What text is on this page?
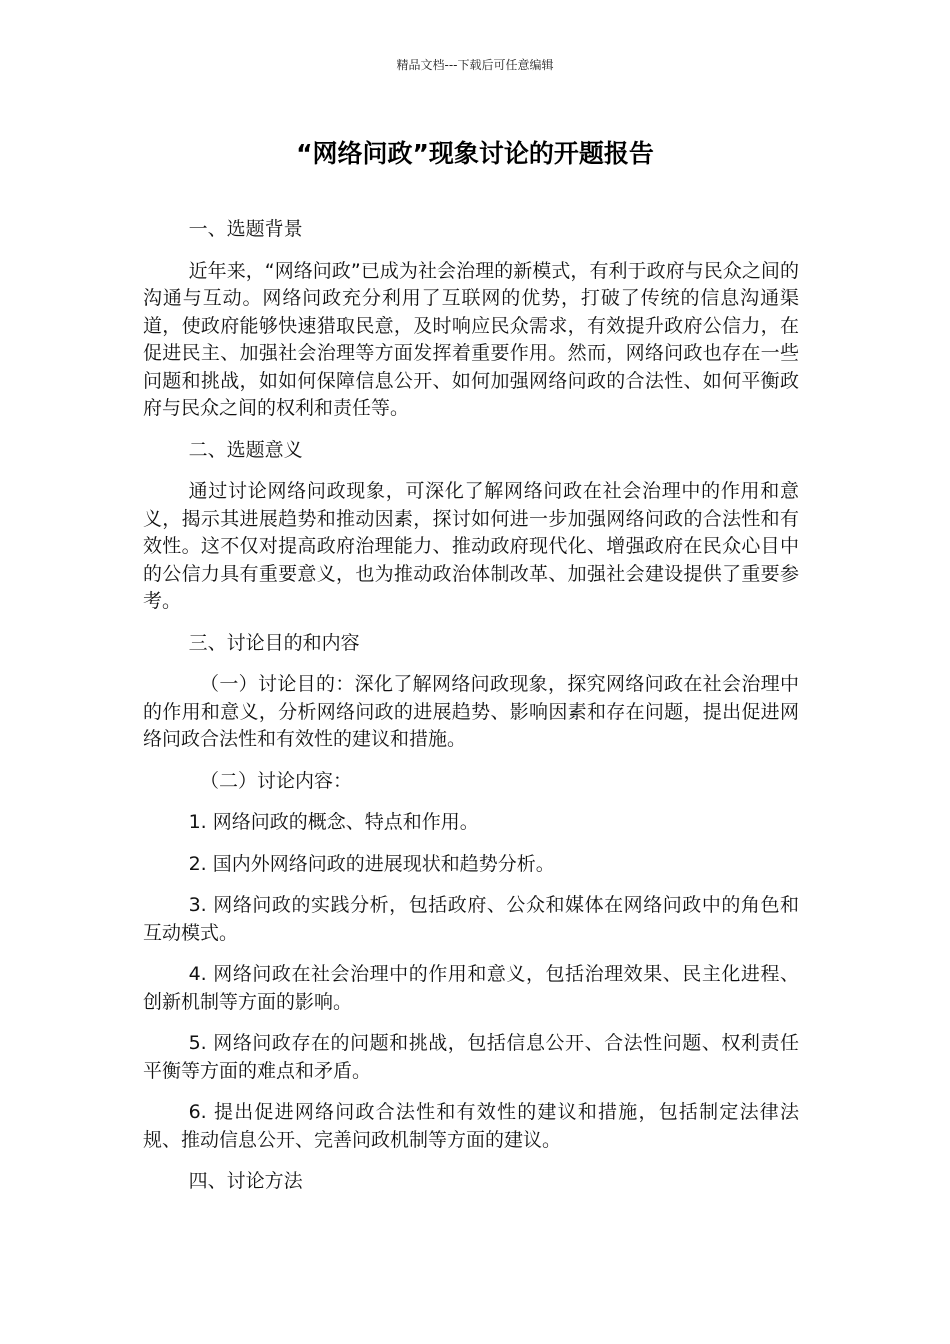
精品文档---下载后可任意编辑
“网络问政”现象讨论的开题报告

一、选题背景

近年来，“网络问政”已成为社会治理的新模式，有利于政府与民众之间的沟通与互动。网络问政充分利用了互联网的优势，打破了传统的信息沟通渠道，使政府能够快速猎取民意，及时响应民众需求，有效提升政府公信力，在促进民主、加强社会治理等方面发挥着重要作用。然而，网络问政也存在一些问题和挑战，如如何保障信息公开、如何加强网络问政的合法性、如何平衡政府与民众之间的权利和责任等。

二、选题意义

通过讨论网络问政现象，可深化了解网络问政在社会治理中的作用和意义，揭示其进展趋势和推动因素，探讨如何进一步加强网络问政的合法性和有效性。这不仅对提高政府治理能力、推动政府现代化、增强政府在民众心目中的公信力具有重要意义，也为推动政治体制改革、加强社会建设提供了重要参考。

三、讨论目的和内容

（一）讨论目的：深化了解网络问政现象，探究网络问政在社会治理中的作用和意义，分析网络问政的进展趋势、影响因素和存在问题，提出促进网络问政合法性和有效性的建议和措施。

（二）讨论内容：

1. 网络问政的概念、特点和作用。

2. 国内外网络问政的进展现状和趋势分析。

3. 网络问政的实践分析，包括政府、公众和媒体在网络问政中的角色和互动模式。

4. 网络问政在社会治理中的作用和意义，包括治理效果、民主化进程、创新机制等方面的影响。

5. 网络问政存在的问题和挑战，包括信息公开、合法性问题、权利责任平衡等方面的难点和矛盾。

6. 提出促进网络问政合法性和有效性的建议和措施，包括制定法律法规、推动信息公开、完善问政机制等方面的建议。

四、讨论方法
